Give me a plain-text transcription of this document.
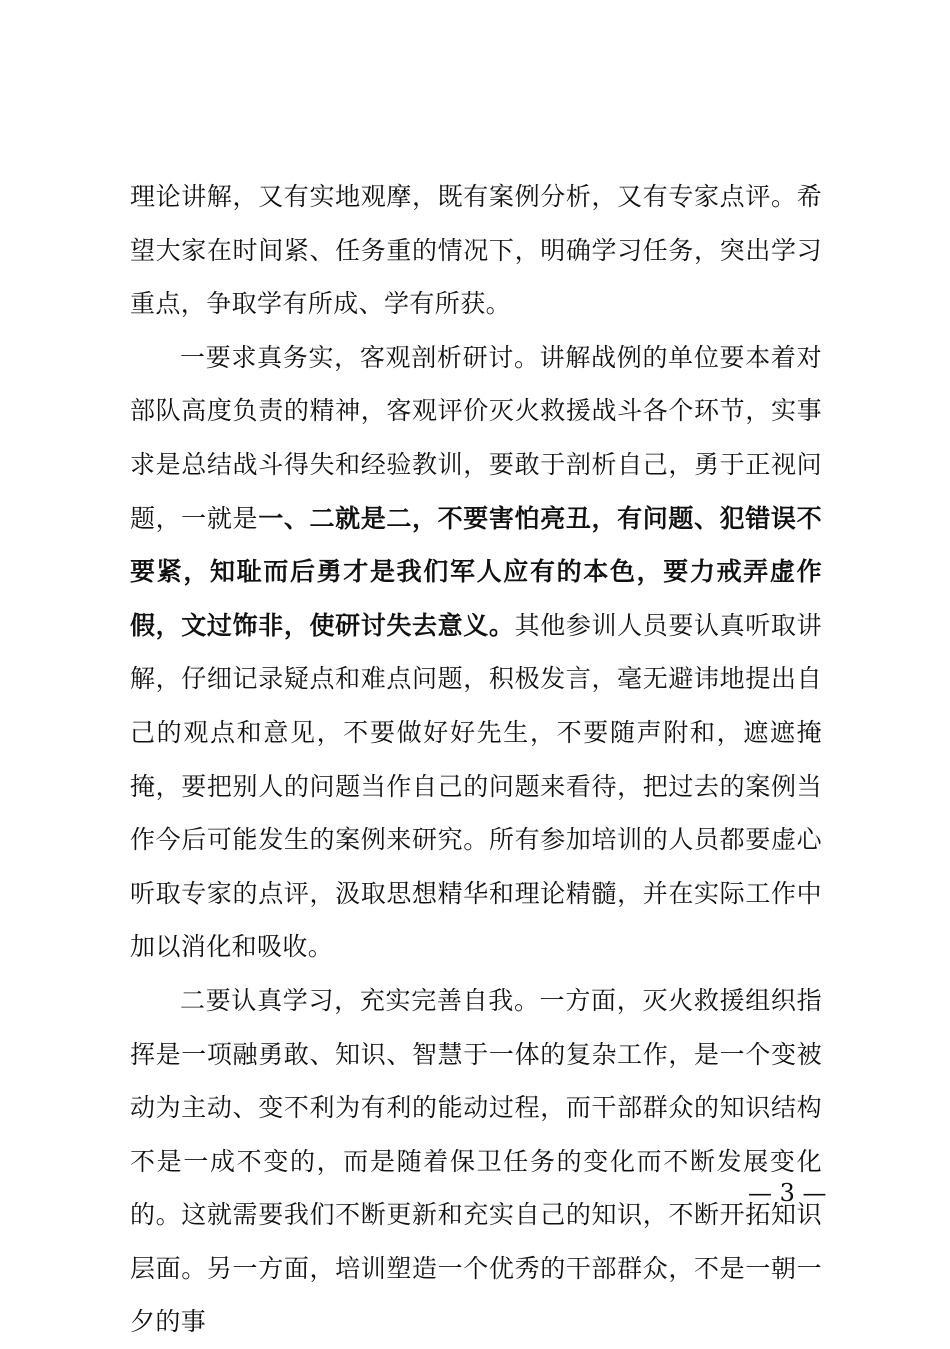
理论讲解，又有实地观摩，既有案例分析，又有专家点评。希望大家在时间紧、任务重的情况下，明确学习任务，突出学习重点，争取学有所成、学有所获。

一要求真务实，客观剖析研讨。讲解战例的单位要本着对部队高度负责的精神，客观评价灭火救援战斗各个环节，实事求是总结战斗得失和经验教训，要敢于剖析自己，勇于正视问题，一就是一、二就是二，不要害怕亮丑，有问题、犯错误不要紧，知耻而后勇才是我们军人应有的本色，要力戒弄虚作假，文过饰非，使研讨失去意义。其他参训人员要认真听取讲解，仔细记录疑点和难点问题，积极发言，毫无避讳地提出自己的观点和意见，不要做好好先生，不要随声附和，遮遮掩掩，要把别人的问题当作自己的问题来看待，把过去的案例当作今后可能发生的案例来研究。所有参加培训的人员都要虚心听取专家的点评，汲取思想精华和理论精髓，并在实际工作中加以消化和吸收。

二要认真学习，充实完善自我。一方面，灭火救援组织指挥是一项融勇敢、知识、智慧于一体的复杂工作，是一个变被动为主动、变不利为有利的能动过程，而干部群众的知识结构不是一成不变的，而是随着保卫任务的变化而不断发展变化的。这就需要我们不断更新和充实自己的知识，不断开拓知识层面。另一方面，培训塑造一个优秀的干部群众，不是一朝一夕的事

— 3 —
